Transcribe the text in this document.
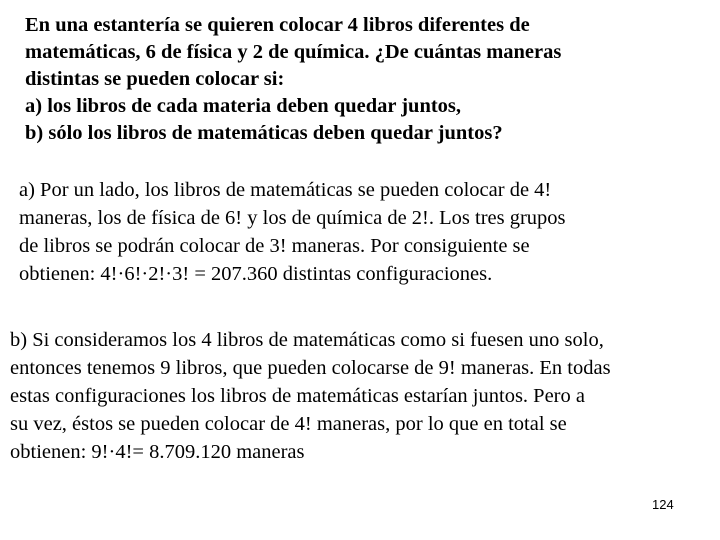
En una estantería se quieren colocar 4 libros diferentes de
matemáticas, 6 de física y 2 de química. ¿De cuántas maneras
distintas se pueden colocar si:
a) los libros de cada materia deben quedar juntos,
b) sólo los libros de matemáticas deben quedar juntos?
a) Por un lado, los libros de matemáticas se pueden colocar de 4!
maneras, los de física de 6! y los de química de 2!. Los tres grupos
de libros se podrán colocar de 3! maneras. Por consiguiente se
obtienen: 4!·6!·2!·3! = 207.360 distintas configuraciones.
b) Si consideramos los 4 libros de matemáticas como si fuesen uno solo,
entonces tenemos 9 libros, que pueden colocarse de 9! maneras. En todas
estas configuraciones los libros de matemáticas estarían juntos. Pero a
su vez, éstos se pueden colocar de 4! maneras, por lo que en total se
obtienen: 9!·4!= 8.709.120 maneras
124
